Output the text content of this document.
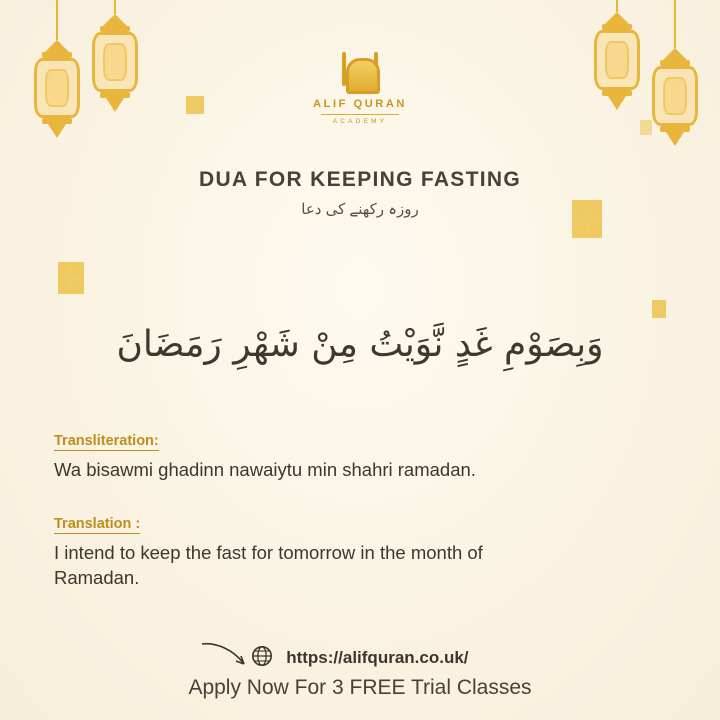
ALIF QURAN
ACADEMY
DUA FOR KEEPING FASTING
روزہ رکھنے کی دعا
وَبِصَوْمِ غَدٍ نَّوَيْتُ مِنْ شَهْرِ رَمَضَانَ
Transliteration:
Wa bisawmi ghadinn nawaiytu min shahri ramadan.
Translation :
I intend to keep the fast for tomorrow in the month of Ramadan.
https://alifquran.co.uk/
Apply Now For 3 FREE Trial Classes
